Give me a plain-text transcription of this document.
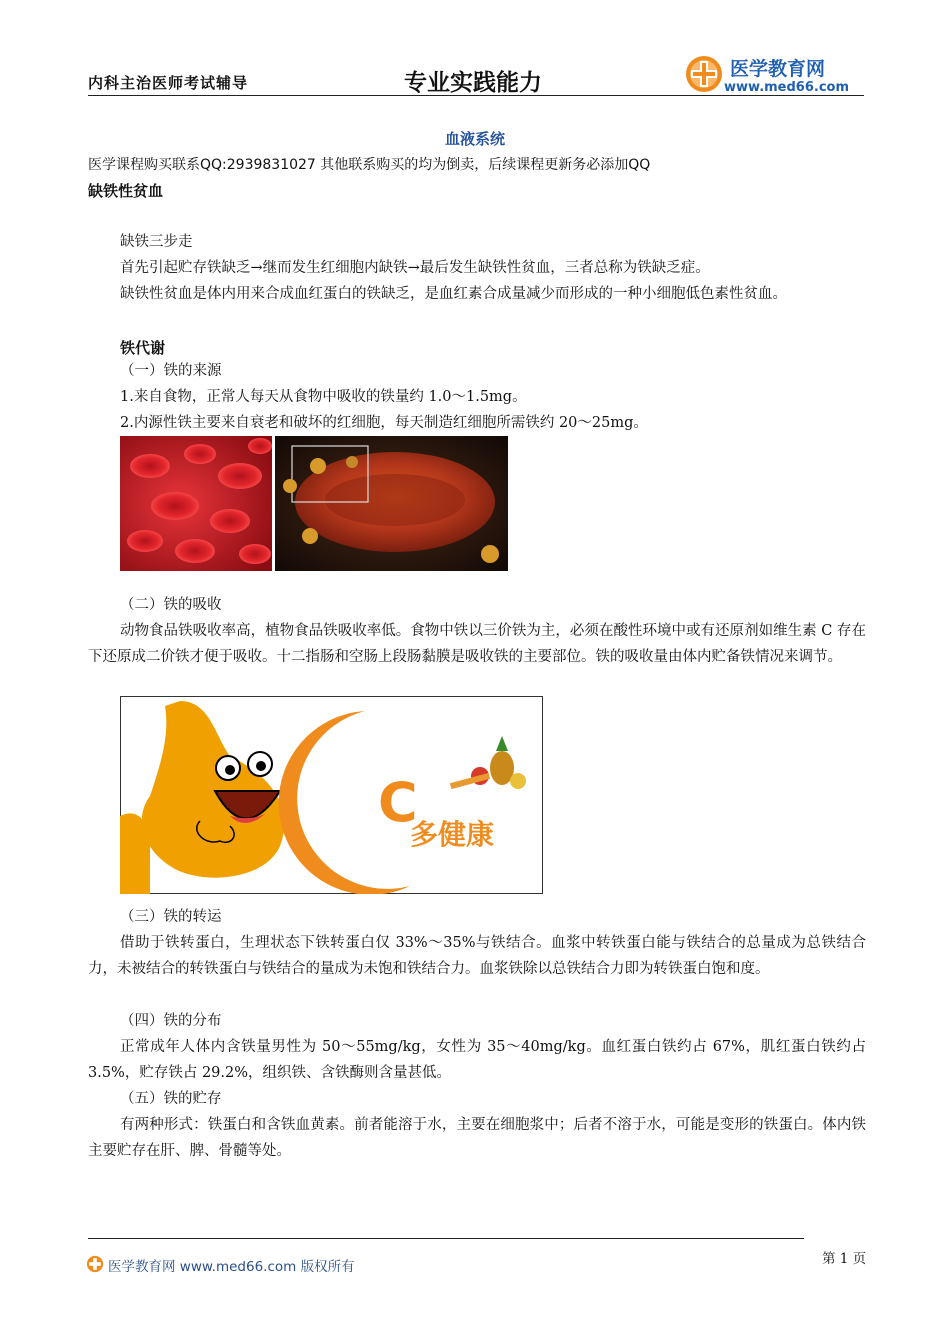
内科主治医师考试辅导	专业实践能力
医学教育网
www.med66.com
血液系统
医学课程购买联系QQ:2939831027 其他联系购买的均为倒卖，后续课程更新务必添加QQ
缺铁性贫血
缺铁三步走
首先引起贮存铁缺乏→继而发生红细胞内缺铁→最后发生缺铁性贫血，三者总称为铁缺乏症。
缺铁性贫血是体内用来合成血红蛋白的铁缺乏，是血红素合成量减少而形成的一种小细胞低色素性贫血。
铁代谢
（一）铁的来源
1.来自食物，正常人每天从食物中吸收的铁量约 1.0～1.5mg。
2.内源性铁主要来自衰老和破坏的红细胞，每天制造红细胞所需铁约 20～25mg。
（二）铁的吸收
动物食品铁吸收率高，植物食品铁吸收率低。食物中铁以三价铁为主，必须在酸性环境中或有还原剂如维生素 C 存在下还原成二价铁才便于吸收。十二指肠和空肠上段肠黏膜是吸收铁的主要部位。铁的吸收量由体内贮备铁情况来调节。
多
C
多健康
（三）铁的转运
借助于铁转蛋白，生理状态下铁转蛋白仅 33%～35%与铁结合。血浆中转铁蛋白能与铁结合的总量成为总铁结合力，未被结合的转铁蛋白与铁结合的量成为未饱和铁结合力。血浆铁除以总铁结合力即为转铁蛋白饱和度。
（四）铁的分布
正常成年人体内含铁量男性为 50～55mg/kg，女性为 35～40mg/kg。血红蛋白铁约占 67%，肌红蛋白铁约占 3.5%，贮存铁占 29.2%，组织铁、含铁酶则含量甚低。
（五）铁的贮存
有两种形式：铁蛋白和含铁血黄素。前者能溶于水，主要在细胞浆中；后者不溶于水，可能是变形的铁蛋白。体内铁主要贮存在肝、脾、骨髓等处。
医学教育网 www.med66.com 版权所有	第 1 页
